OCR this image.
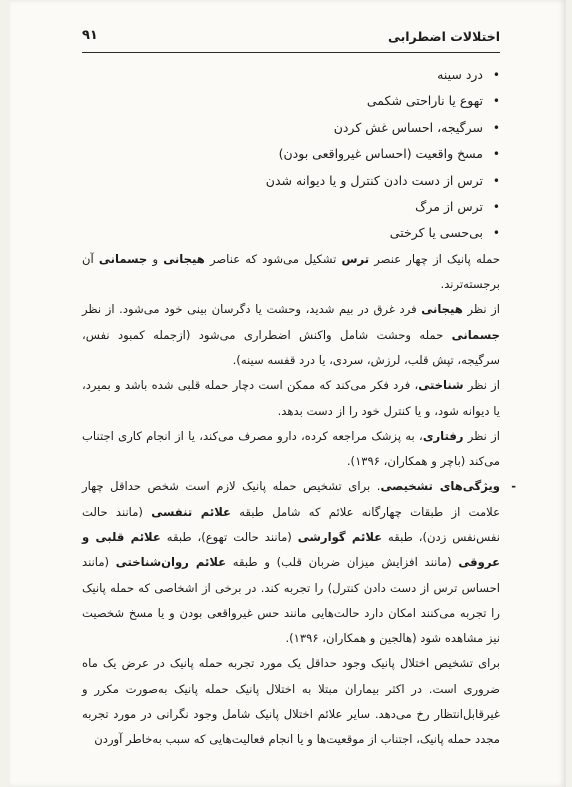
اختلالات اضطرابی
۹۱
•
درد سینه
•
تهوع یا ناراحتی شکمی
•
سرگیجه، احساس غش کردن
•
مسخ واقعیت (احساس غیرواقعی بودن)
•
ترس از دست دادن کنترل و یا دیوانه شدن
•
ترس از مرگ
•
بی‌حسی یا کرختی

حمله پانیک از چهار عنصر ترس تشکیل می‌شود که عناصر هیجانی و جسمانی آن برجسته‌ترند.

از نظر هیجانی فرد غرق در بیم شدید، وحشت یا دگرسان بینی خود می‌شود. از نظر جسمانی حمله وحشت شامل واکنش اضطراری می‌شود (ازجمله کمبود نفس، سرگیجه، تپش قلب، لرزش، سردی، یا درد قفسه سینه).

از نظر شناختی، فرد فکر می‌کند که ممکن است دچار حمله قلبی شده باشد و بمیرد، یا دیوانه شود، و یا کنترل خود را از دست بدهد.

از نظر رفتاری، به پزشک مراجعه کرده، دارو مصرف می‌کند، یا از انجام کاری اجتناب می‌کند (باچر و همکاران، ۱۳۹۶).

-
ویژگی‌های تشخیصی. برای تشخیص حمله پانیک لازم است شخص حداقل چهار علامت از طبقات چهارگانه علائم که شامل طبقه علائم تنفسی (مانند حالت نفس‌نفس زدن)، طبقه علائم گوارشی (مانند حالت تهوع)، طبقه علائم قلبی و عروقی (مانند افزایش میزان ضربان قلب) و طبقه علائم روان‌شناختی (مانند احساس ترس از دست دادن کنترل) را تجربه کند. در برخی از اشخاصی که حمله پانیک را تجربه می‌کنند امکان دارد حالت‌هایی مانند حس غیرواقعی بودن و یا مسخ شخصیت نیز مشاهده شود (هالجین و همکاران، ۱۳۹۶).

برای تشخیص اختلال پانیک وجود حداقل یک مورد تجربه حمله پانیک در عرض یک ماه ضروری است. در اکثر بیماران مبتلا به اختلال پانیک حمله پانیک به‌صورت مکرر و غیرقابل‌انتظار رخ می‌دهد. سایر علائم اختلال پانیک شامل وجود نگرانی در مورد تجربه مجدد حمله پانیک، اجتناب از موقعیت‌ها و یا انجام فعالیت‌هایی که سبب به‌خاطر آوردن
